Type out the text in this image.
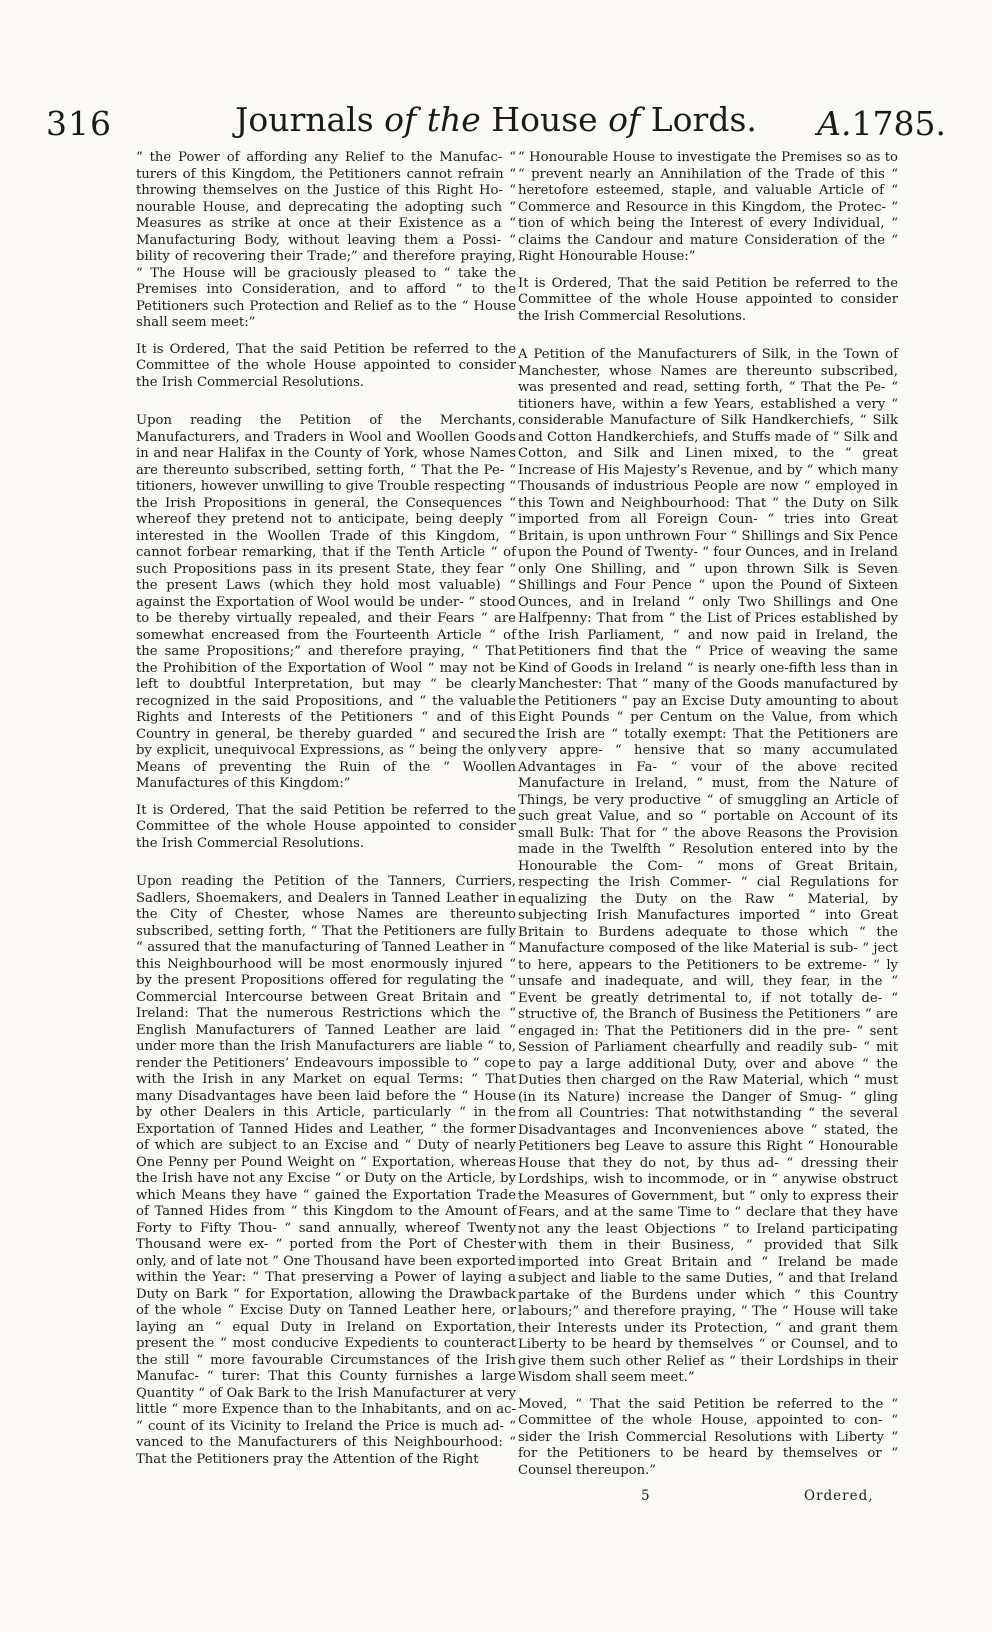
316	Journals of the House of Lords.	A.1785.

“ the Power of affording any Relief to the Manufac- “ turers of this Kingdom, the Petitioners cannot refrain “ throwing themselves on the Justice of this Right Ho- “ nourable House, and deprecating the adopting such “ Measures as strike at once at their Existence as a “ Manufacturing Body, without leaving them a Possi- “ bility of recovering their Trade;” and therefore praying, “ The House will be graciously pleased to “ take the Premises into Consideration, and to afford “ to the Petitioners such Protection and Relief as to the “ House shall seem meet:”

It is Ordered, That the said Petition be referred to the Committee of the whole House appointed to consider the Irish Commercial Resolutions.

Upon reading the Petition of the Merchants, Manufacturers, and Traders in Wool and Woollen Goods in and near Halifax in the County of York, whose Names are thereunto subscribed, setting forth, “ That the Pe- “ titioners, however unwilling to give Trouble respecting “ the Irish Propositions in general, the Consequences “ whereof they pretend not to anticipate, being deeply “ interested in the Woollen Trade of this Kingdom, “ cannot forbear remarking, that if the Tenth Article “ of such Propositions pass in its present State, they fear “ the present Laws (which they hold most valuable) “ against the Exportation of Wool would be under- “ stood to be thereby virtually repealed, and their Fears “ are somewhat encreased from the Fourteenth Article “ of the same Propositions;” and therefore praying, “ That the Prohibition of the Exportation of Wool “ may not be left to doubtful Interpretation, but may “ be clearly recognized in the said Propositions, and “ the valuable Rights and Interests of the Petitioners “ and of this Country in general, be thereby guarded “ and secured by explicit, unequivocal Expressions, as “ being the only Means of preventing the Ruin of the “ Woollen Manufactures of this Kingdom:”

It is Ordered, That the said Petition be referred to the Committee of the whole House appointed to consider the Irish Commercial Resolutions.

Upon reading the Petition of the Tanners, Curriers, Sadlers, Shoemakers, and Dealers in Tanned Leather in the City of Chester, whose Names are thereunto subscribed, setting forth, “ That the Petitioners are fully “ assured that the manufacturing of Tanned Leather in “ this Neighbourhood will be most enormously injured “ by the present Propositions offered for regulating the “ Commercial Intercourse between Great Britain and “ Ireland: That the numerous Restrictions which the “ English Manufacturers of Tanned Leather are laid “ under more than the Irish Manufacturers are liable “ to, render the Petitioners’ Endeavours impossible to “ cope with the Irish in any Market on equal Terms: “ That many Disadvantages have been laid before the “ House by other Dealers in this Article, particularly “ in the Exportation of Tanned Hides and Leather, “ the former of which are subject to an Excise and “ Duty of nearly One Penny per Pound Weight on “ Exportation, whereas the Irish have not any Excise “ or Duty on the Article, by which Means they have “ gained the Exportation Trade of Tanned Hides from “ this Kingdom to the Amount of Forty to Fifty Thou- “ sand annually, whereof Twenty Thousand were ex- “ ported from the Port of Chester only, and of late not “ One Thousand have been exported within the Year: “ That preserving a Power of laying a Duty on Bark “ for Exportation, allowing the Drawback of the whole “ Excise Duty on Tanned Leather here, or laying an “ equal Duty in Ireland on Exportation, present the “ most conducive Expedients to counteract the still “ more favourable Circumstances of the Irish Manufac- “ turer: That this County furnishes a large Quantity “ of Oak Bark to the Irish Manufacturer at very little “ more Expence than to the Inhabitants, and on ac- “ count of its Vicinity to Ireland the Price is much ad- “ vanced to the Manufacturers of this Neighbourhood: “ That the Petitioners pray the Attention of the Right

“ Honourable House to investigate the Premises so as to “ prevent nearly an Annihilation of the Trade of this “ heretofore esteemed, staple, and valuable Article of “ Commerce and Resource in this Kingdom, the Protec- “ tion of which being the Interest of every Individual, “ claims the Candour and mature Consideration of the “ Right Honourable House:”

It is Ordered, That the said Petition be referred to the Committee of the whole House appointed to consider the Irish Commercial Resolutions.

A Petition of the Manufacturers of Silk, in the Town of Manchester, whose Names are thereunto subscribed, was presented and read, setting forth, “ That the Pe- “ titioners have, within a few Years, established a very “ considerable Manufacture of Silk Handkerchiefs, “ Silk and Cotton Handkerchiefs, and Stuffs made of “ Silk and Cotton, and Silk and Linen mixed, to the “ great Increase of His Majesty’s Revenue, and by “ which many Thousands of industrious People are now “ employed in this Town and Neighbourhood: That “ the Duty on Silk imported from all Foreign Coun- “ tries into Great Britain, is upon unthrown Four “ Shillings and Six Pence upon the Pound of Twenty- “ four Ounces, and in Ireland only One Shilling, and “ upon thrown Silk is Seven Shillings and Four Pence “ upon the Pound of Sixteen Ounces, and in Ireland “ only Two Shillings and One Halfpenny: That from “ the List of Prices established by the Irish Parliament, “ and now paid in Ireland, the Petitioners find that the “ Price of weaving the same Kind of Goods in Ireland “ is nearly one-fifth less than in Manchester: That “ many of the Goods manufactured by the Petitioners “ pay an Excise Duty amounting to about Eight Pounds “ per Centum on the Value, from which the Irish are “ totally exempt: That the Petitioners are very appre- “ hensive that so many accumulated Advantages in Fa- “ vour of the above recited Manufacture in Ireland, “ must, from the Nature of Things, be very productive “ of smuggling an Article of such great Value, and so “ portable on Account of its small Bulk: That for “ the above Reasons the Provision made in the Twelfth “ Resolution entered into by the Honourable the Com- “ mons of Great Britain, respecting the Irish Commer- “ cial Regulations for equalizing the Duty on the Raw “ Material, by subjecting Irish Manufactures imported “ into Great Britain to Burdens adequate to those which “ the Manufacture composed of the like Material is sub- “ ject to here, appears to the Petitioners to be extreme- “ ly unsafe and inadequate, and will, they fear, in the “ Event be greatly detrimental to, if not totally de- “ structive of, the Branch of Business the Petitioners “ are engaged in: That the Petitioners did in the pre- “ sent Session of Parliament chearfully and readily sub- “ mit to pay a large additional Duty, over and above “ the Duties then charged on the Raw Material, which “ must (in its Nature) increase the Danger of Smug- “ gling from all Countries: That notwithstanding “ the several Disadvantages and Inconveniences above “ stated, the Petitioners beg Leave to assure this Right “ Honourable House that they do not, by thus ad- “ dressing their Lordships, wish to incommode, or in “ anywise obstruct the Measures of Government, but “ only to express their Fears, and at the same Time to “ declare that they have not any the least Objections “ to Ireland participating with them in their Business, “ provided that Silk imported into Great Britain and “ Ireland be made subject and liable to the same Duties, “ and that Ireland partake of the Burdens under which “ this Country labours;” and therefore praying, “ The “ House will take their Interests under its Protection, “ and grant them Liberty to be heard by themselves “ or Counsel, and to give them such other Relief as “ their Lordships in their Wisdom shall seem meet.”

Moved, “ That the said Petition be referred to the “ Committee of the whole House, appointed to con- “ sider the Irish Commercial Resolutions with Liberty “ for the Petitioners to be heard by themselves or “ Counsel thereupon.”

5	Ordered,
